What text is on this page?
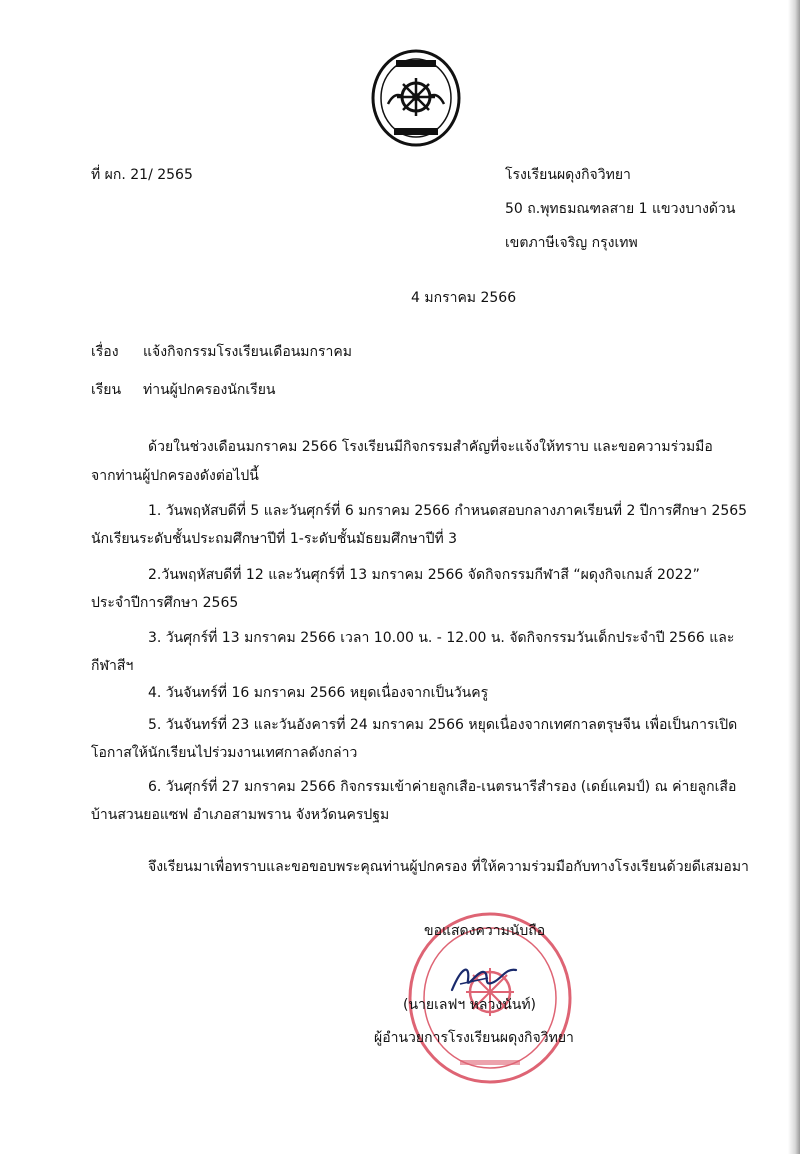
ที่ ผก. 21/ 2565	โรงเรียนผดุงกิจวิทยา
50 ถ.พุทธมณฑลสาย 1 แขวงบางด้วน
เขตภาษีเจริญ กรุงเทพ
4 มกราคม 2566
เรื่อง แจ้งกิจกรรมโรงเรียนเดือนมกราคม
เรียน ท่านผู้ปกครองนักเรียน
ด้วยในช่วงเดือนมกราคม 2566 โรงเรียนมีกิจกรรมสำคัญที่จะแจ้งให้ทราบ และขอความร่วมมือ
จากท่านผู้ปกครองดังต่อไปนี้
1. วันพฤหัสบดีที่ 5 และวันศุกร์ที่ 6 มกราคม 2566 กำหนดสอบกลางภาคเรียนที่ 2 ปีการศึกษา 2565
นักเรียนระดับชั้นประถมศึกษาปีที่ 1-ระดับชั้นมัธยมศึกษาปีที่ 3
2.วันพฤหัสบดีที่ 12 และวันศุกร์ที่ 13 มกราคม 2566 จัดกิจกรรมกีฬาสี “ผดุงกิจเกมส์ 2022”
ประจำปีการศึกษา 2565
3. วันศุกร์ที่ 13 มกราคม 2566 เวลา 10.00 น. - 12.00 น. จัดกิจกรรมวันเด็กประจำปี 2566 และ
กีฬาสีฯ
4. วันจันทร์ที่ 16 มกราคม 2566 หยุดเนื่องจากเป็นวันครู
5. วันจันทร์ที่ 23 และวันอังคารที่ 24 มกราคม 2566 หยุดเนื่องจากเทศกาลตรุษจีน เพื่อเป็นการเปิด
โอกาสให้นักเรียนไปร่วมงานเทศกาลดังกล่าว
6. วันศุกร์ที่ 27 มกราคม 2566 กิจกรรมเข้าค่ายลูกเสือ-เนตรนารีสำรอง (เดย์แคมป์) ณ ค่ายลูกเสือ
บ้านสวนยอแซฟ อำเภอสามพราน จังหวัดนครปฐม
จึงเรียนมาเพื่อทราบและขอขอบพระคุณท่านผู้ปกครอง ที่ให้ความร่วมมือกับทางโรงเรียนด้วยดีเสมอมา
ขอแสดงความนับถือ
(นายเลฟฯ หลวงนันท์)
ผู้อำนวยการโรงเรียนผดุงกิจวิทยา
